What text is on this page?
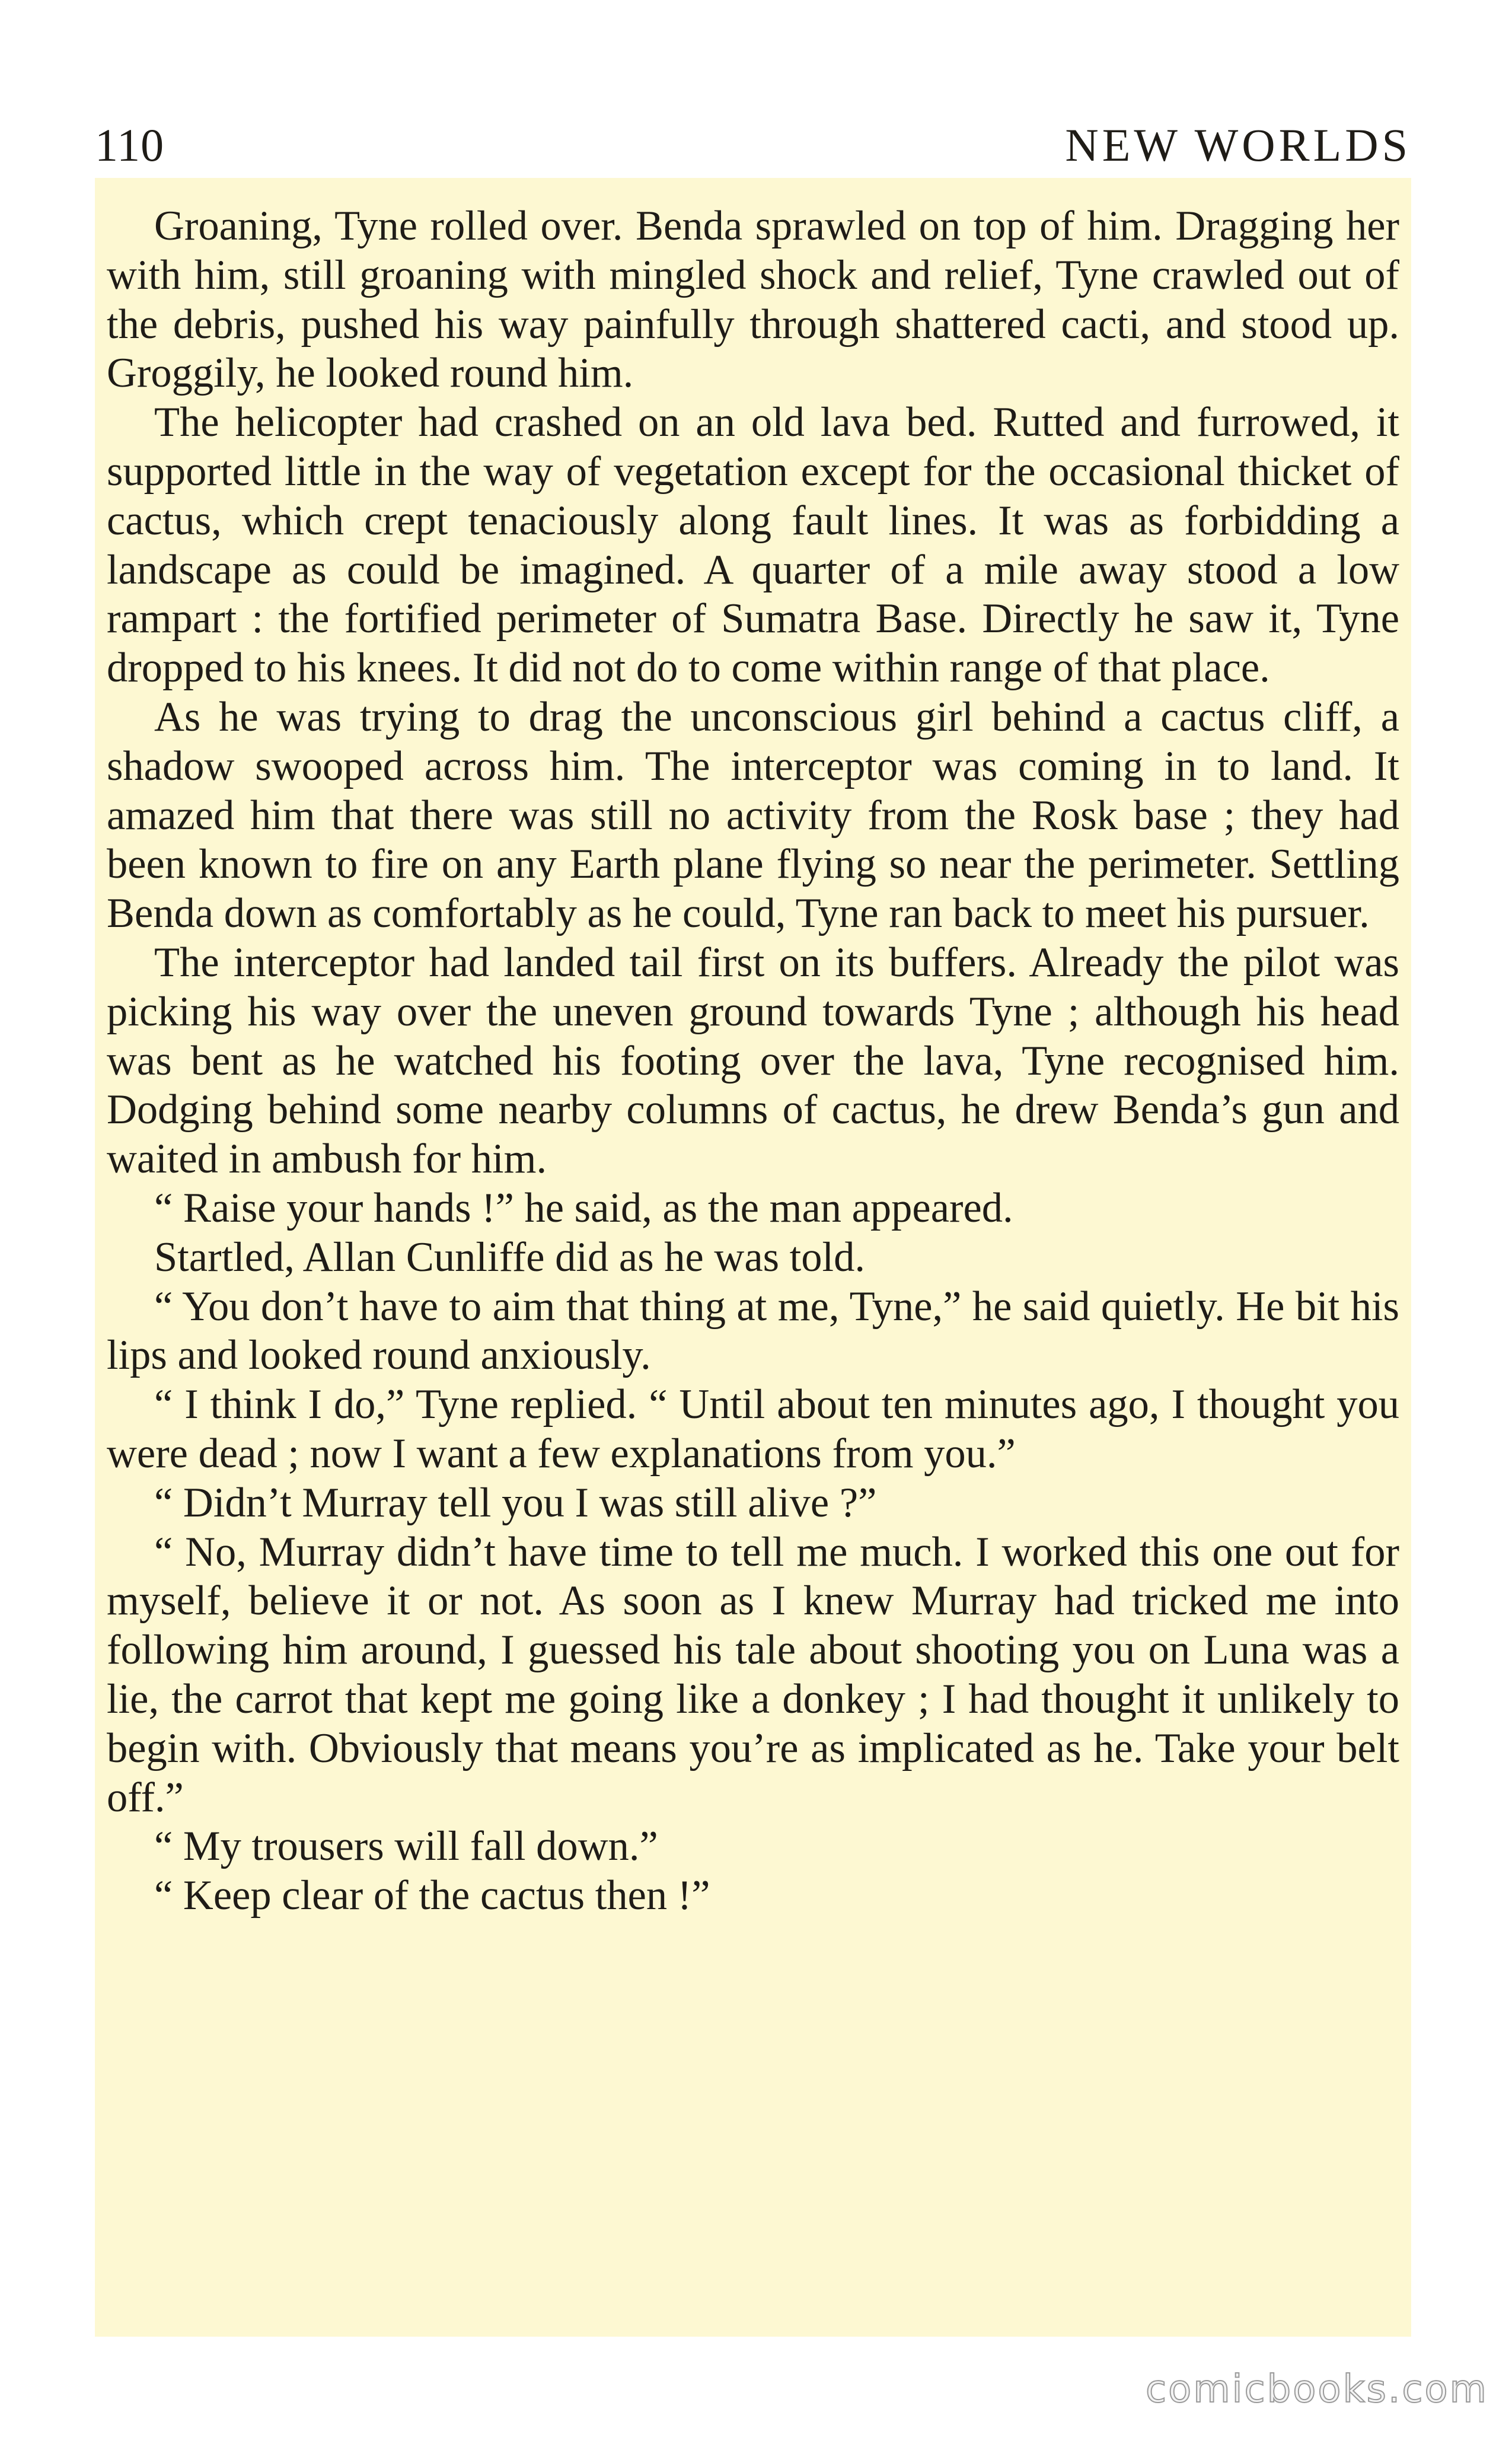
110	NEW WORLDS

Groaning, Tyne rolled over. Benda sprawled on top of him. Dragging her with him, still groaning with mingled shock and relief, Tyne crawled out of the debris, pushed his way painfully through shattered cacti, and stood up. Groggily, he looked round him.

The helicopter had crashed on an old lava bed. Rutted and furrowed, it supported little in the way of vegetation except for the occasional thicket of cactus, which crept tenaciously along fault lines. It was as forbidding a landscape as could be imagined. A quarter of a mile away stood a low rampart : the fortified perimeter of Sumatra Base. Directly he saw it, Tyne dropped to his knees. It did not do to come within range of that place.

As he was trying to drag the unconscious girl behind a cactus cliff, a shadow swooped across him. The interceptor was coming in to land. It amazed him that there was still no activity from the Rosk base ; they had been known to fire on any Earth plane flying so near the perimeter. Settling Benda down as comfortably as he could, Tyne ran back to meet his pursuer.

The interceptor had landed tail first on its buffers. Already the pilot was picking his way over the uneven ground towards Tyne ; although his head was bent as he watched his footing over the lava, Tyne recognised him. Dodging behind some nearby columns of cactus, he drew Benda’s gun and waited in ambush for him.

“ Raise your hands !” he said, as the man appeared.

Startled, Allan Cunliffe did as he was told.

“ You don’t have to aim that thing at me, Tyne,” he said quietly. He bit his lips and looked round anxiously.

“ I think I do,” Tyne replied. “ Until about ten minutes ago, I thought you were dead ; now I want a few explanations from you.”

“ Didn’t Murray tell you I was still alive ?”

“ No, Murray didn’t have time to tell me much. I worked this one out for myself, believe it or not. As soon as I knew Murray had tricked me into following him around, I guessed his tale about shooting you on Luna was a lie, the carrot that kept me going like a donkey ; I had thought it unlikely to begin with. Obviously that means you’re as implicated as he. Take your belt off.”

“ My trousers will fall down.”

“ Keep clear of the cactus then !”

comicbooks.com
